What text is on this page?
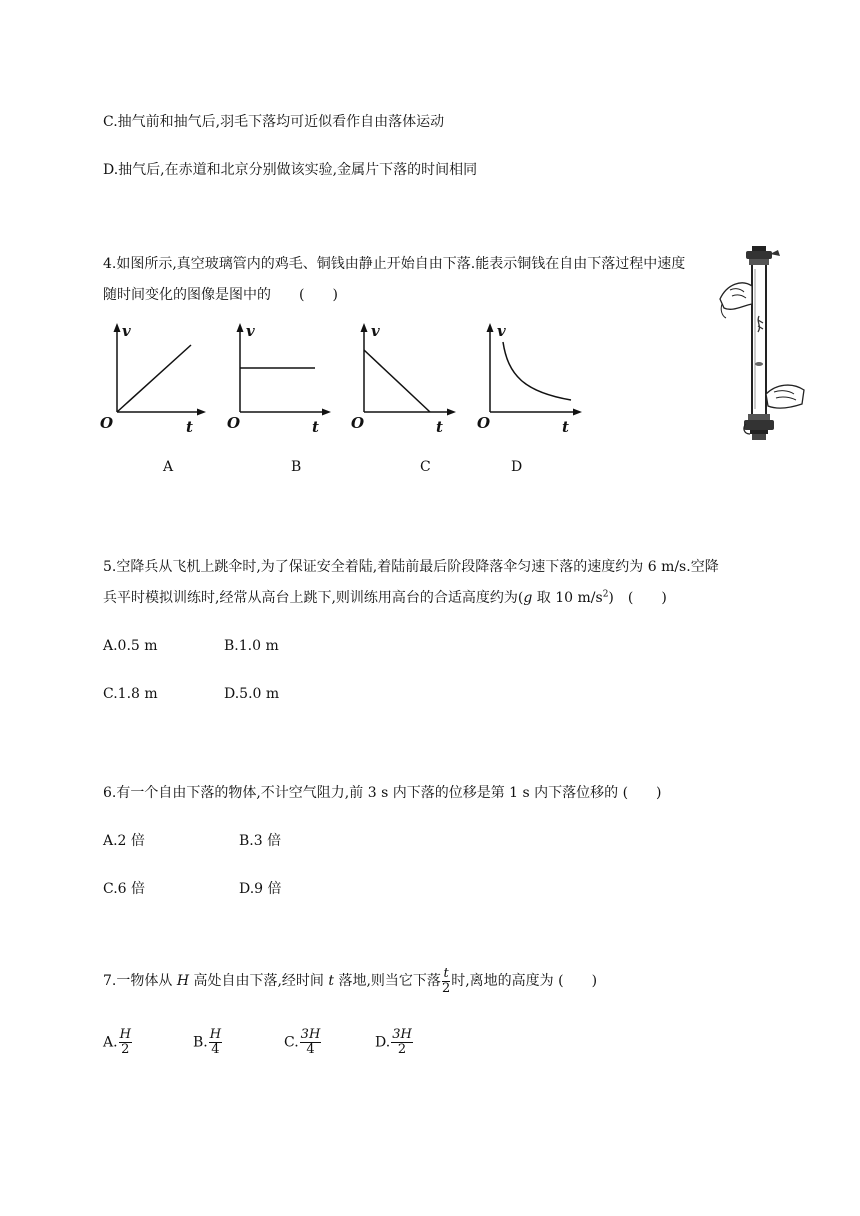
C.抽气前和抽气后,羽毛下落均可近似看作自由落体运动
D.抽气后,在赤道和北京分别做该实验,金属片下落的时间相同
4.如图所示,真空玻璃管内的鸡毛、铜钱由静止开始自由下落.能表示铜钱在自由下落过程中速度
随时间变化的图像是图中的　　(　　)
v
O	t
v
O	t
v
O	t
v
O	t
A	B	C	D
5.空降兵从飞机上跳伞时,为了保证安全着陆,着陆前最后阶段降落伞匀速下落的速度约为 6 m/s.空降
兵平时模拟训练时,经常从高台上跳下,则训练用高台的合适高度约为(g 取 10 $m/s^2$)　(　　)
A.0.5 m	B.1.0 m
C.1.8 m	D.5.0 m
6.有一个自由下落的物体,不计空气阻力,前 3 s 内下落的位移是第 1 s 内下落位移的 (　　)
A.2 倍	B.3 倍
C.6 倍	D.9 倍
7.一物体从 H 高处自由下落,经时间 t 落地,则当它下落 $\frac{t}{2}$ 时,离地的高度为 (　　)
A. $\frac{H}{2}$	B. $\frac{H}{4}$	C. $\frac{3H}{4}$	D. $\frac{3H}{2}$
